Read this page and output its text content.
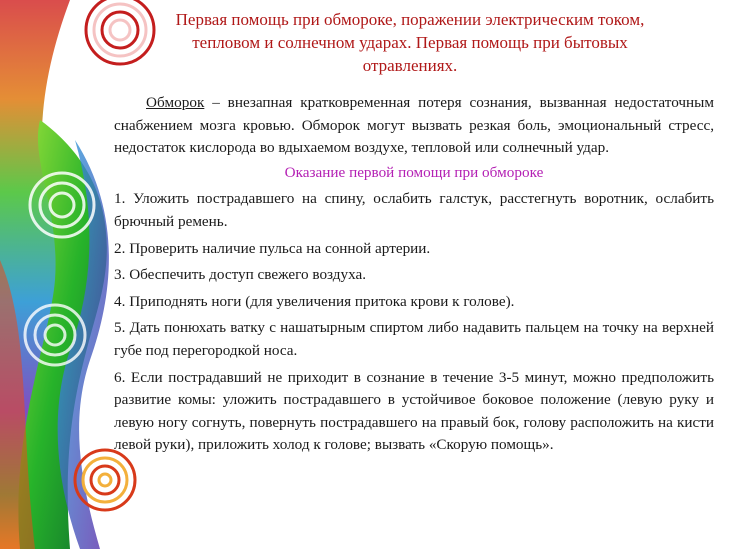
Первая помощь при обмороке, поражении электрическим током, тепловом и солнечном ударах. Первая помощь при бытовых отравлениях.

Обморок – внезапная кратковременная потеря сознания, вызванная недостаточным снабжением мозга кровью. Обморок могут вызвать резкая боль, эмоциональный стресс, недостаток кислорода во вдыхаемом воздухе, тепловой или солнечный удар.

Оказание первой помощи при обмороке

1. Уложить пострадавшего на спину, ослабить галстук, расстегнуть воротник, ослабить брючный ремень.

2. Проверить наличие пульса на сонной артерии.

3. Обеспечить доступ свежего воздуха.

4. Приподнять ноги (для увеличения притока крови к голове).

5. Дать понюхать ватку с нашатырным спиртом либо надавить пальцем на точку на верхней губе под перегородкой носа.

6. Если пострадавший не приходит в сознание в течение 3-5 минут, можно предположить развитие комы: уложить пострадавшего в устойчивое боковое положение (левую руку и левую ногу согнуть, повернуть пострадавшего на правый бок, голову расположить на кисти левой руки), приложить холод к голове; вызвать «Скорую помощь».
